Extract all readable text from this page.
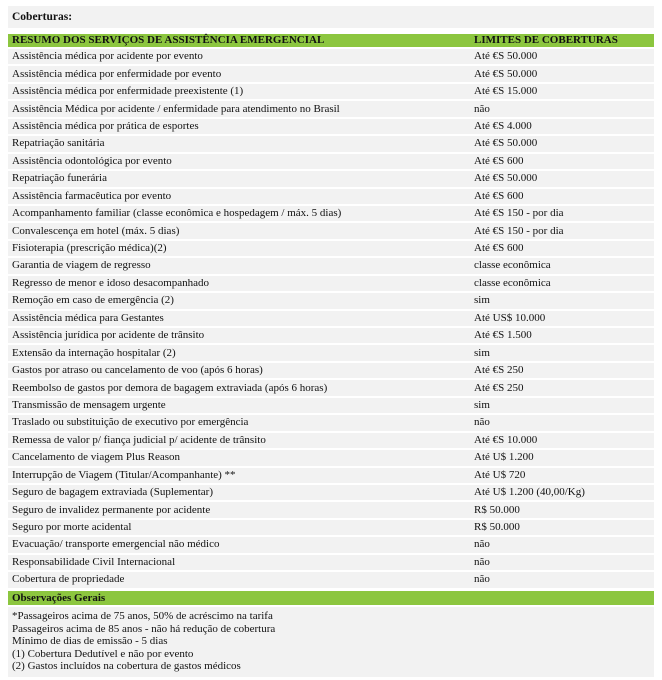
Coberturas:
RESUMO DOS SERVIÇOS DE ASSISTÊNCIA EMERGENCIAL	LIMITES DE COBERTURAS
Assistência médica por acidente por evento	Até €S 50.000
Assistência médica por enfermidade por evento	Até €S 50.000
Assistência médica por enfermidade preexistente (1)	Até €S 15.000
Assistência Médica por acidente / enfermidade para atendimento no Brasil	não
Assistência médica por prática de esportes	Até €S 4.000
Repatriação sanitária	Até €S 50.000
Assistência odontológica por evento	Até €S 600
Repatriação funerária	Até €S 50.000
Assistência farmacêutica por evento	Até €S 600
Acompanhamento familiar (classe econômica e hospedagem / máx. 5 dias)	Até €S 150 - por dia
Convalescença em hotel (máx. 5 dias)	Até €S 150 - por dia
Fisioterapia (prescrição médica)(2)	Até €S 600
Garantia de viagem de regresso	classe econômica
Regresso de menor e idoso desacompanhado	classe econômica
Remoção em caso de emergência (2)	sim
Assistência médica para Gestantes	Até US$ 10.000
Assistência jurídica por acidente de trânsito	Até €S 1.500
Extensão da internação hospitalar (2)	sim
Gastos por atraso ou cancelamento de voo (após 6 horas)	Até €S 250
Reembolso de gastos por demora de bagagem extraviada (após 6 horas)	Até €S 250
Transmissão de mensagem urgente	sim
Traslado ou substituição de executivo por emergência	não
Remessa de valor p/ fiança judicial p/ acidente de trânsito	Até €S 10.000
Cancelamento de viagem Plus Reason	Até U$ 1.200
Interrupção de Viagem (Titular/Acompanhante) **	Até U$ 720
Seguro de bagagem extraviada (Suplementar)	Até U$ 1.200 (40,00/Kg)
Seguro de invalidez permanente por acidente	R$ 50.000
Seguro por morte acidental	R$ 50.000
Evacuação/ transporte emergencial não médico	não
Responsabilidade Civil Internacional	não
Cobertura de propriedade	não
Observações Gerais
*Passageiros acima de 75 anos, 50% de acréscimo na tarifa
Passageiros acima de 85 anos - não há redução de cobertura
Mínimo de dias de emissão - 5 dias
(1) Cobertura Dedutível e não por evento
(2) Gastos incluídos na cobertura de gastos médicos
